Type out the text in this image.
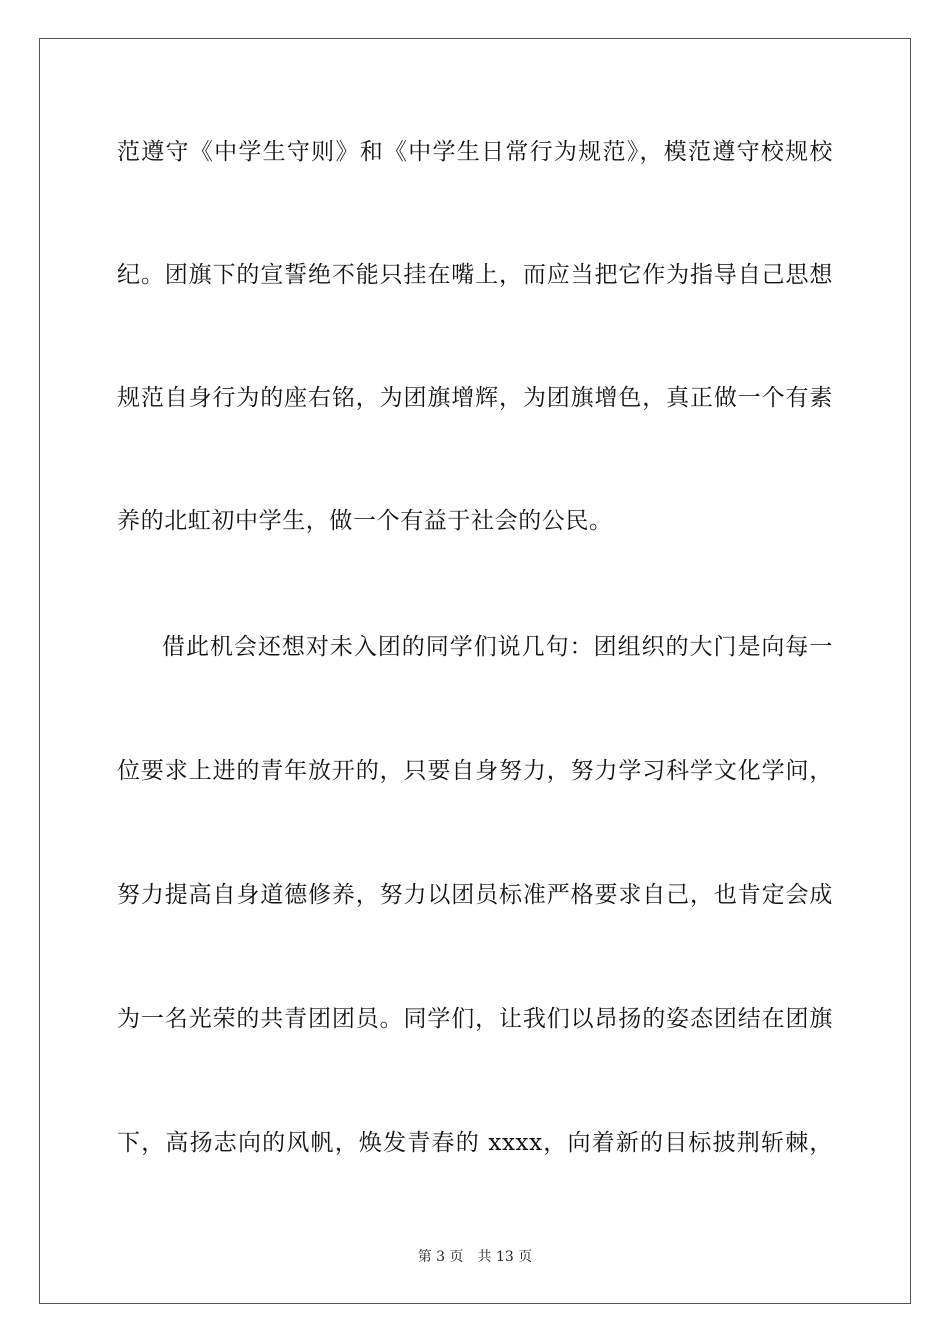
范遵守《中学生守则》和《中学生日常行为规范》，模范遵守校规校
纪。团旗下的宣誓绝不能只挂在嘴上，而应当把它作为指导自己思想
规范自身行为的座右铭，为团旗增辉，为团旗增色，真正做一个有素
养的北虹初中学生，做一个有益于社会的公民。
借此机会还想对未入团的同学们说几句：团组织的大门是向每一
位要求上进的青年放开的，只要自身努力，努力学习科学文化学问，
努力提高自身道德修养，努力以团员标准严格要求自己，也肯定会成
为一名光荣的共青团团员。同学们，让我们以昂扬的姿态团结在团旗
下，高扬志向的风帆，焕发青春的 xxxx，向着新的目标披荆斩棘，
第 3 页 共 13 页
